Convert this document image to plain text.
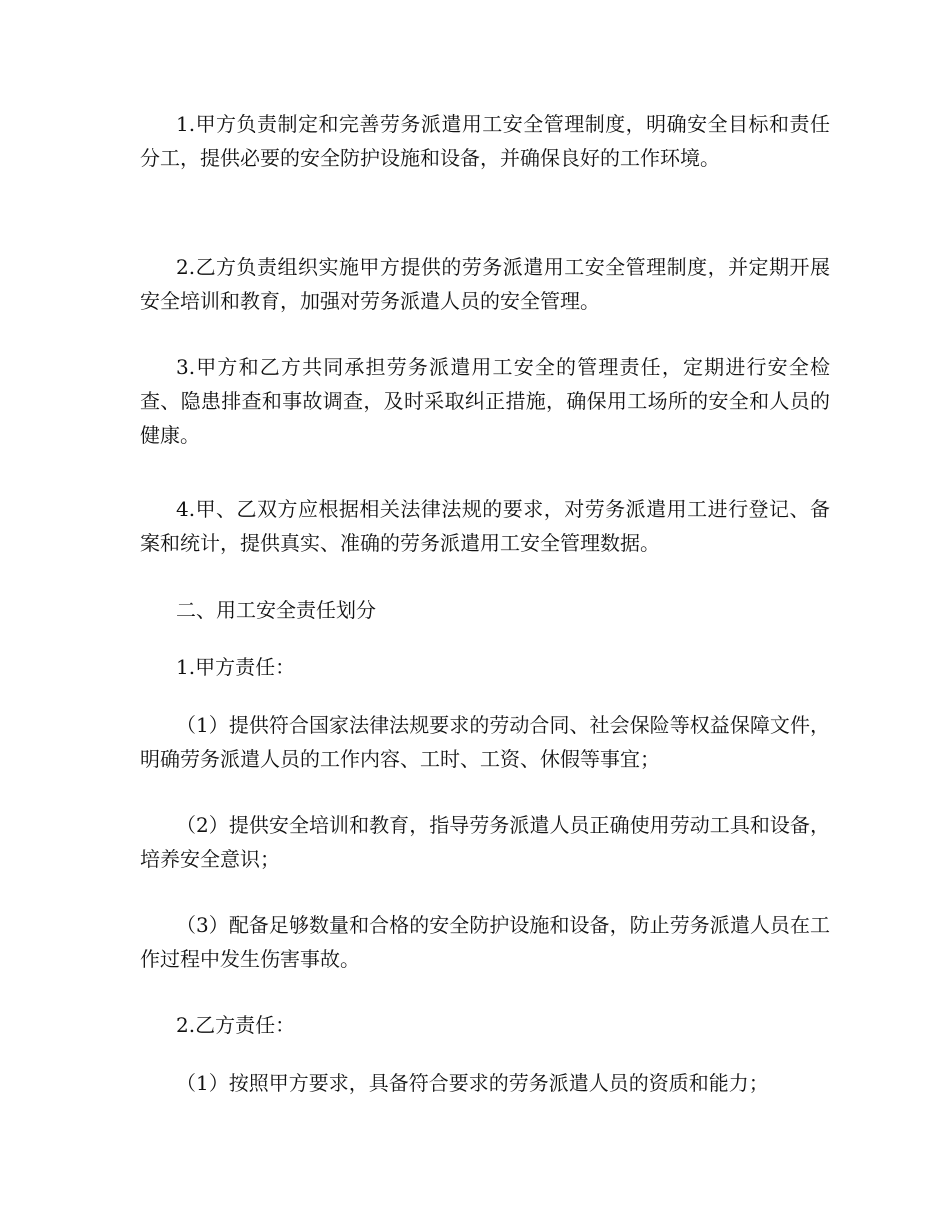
1.甲方负责制定和完善劳务派遣用工安全管理制度，明确安全目标和责任分工，提供必要的安全防护设施和设备，并确保良好的工作环境。

2.乙方负责组织实施甲方提供的劳务派遣用工安全管理制度，并定期开展安全培训和教育，加强对劳务派遣人员的安全管理。

3.甲方和乙方共同承担劳务派遣用工安全的管理责任，定期进行安全检查、隐患排查和事故调查，及时采取纠正措施，确保用工场所的安全和人员的健康。

4.甲、乙双方应根据相关法律法规的要求，对劳务派遣用工进行登记、备案和统计，提供真实、准确的劳务派遣用工安全管理数据。

二、用工安全责任划分

1.甲方责任：

（1）提供符合国家法律法规要求的劳动合同、社会保险等权益保障文件，明确劳务派遣人员的工作内容、工时、工资、休假等事宜；

（2）提供安全培训和教育，指导劳务派遣人员正确使用劳动工具和设备，培养安全意识；

（3）配备足够数量和合格的安全防护设施和设备，防止劳务派遣人员在工作过程中发生伤害事故。

2.乙方责任：

（1）按照甲方要求，具备符合要求的劳务派遣人员的资质和能力；
